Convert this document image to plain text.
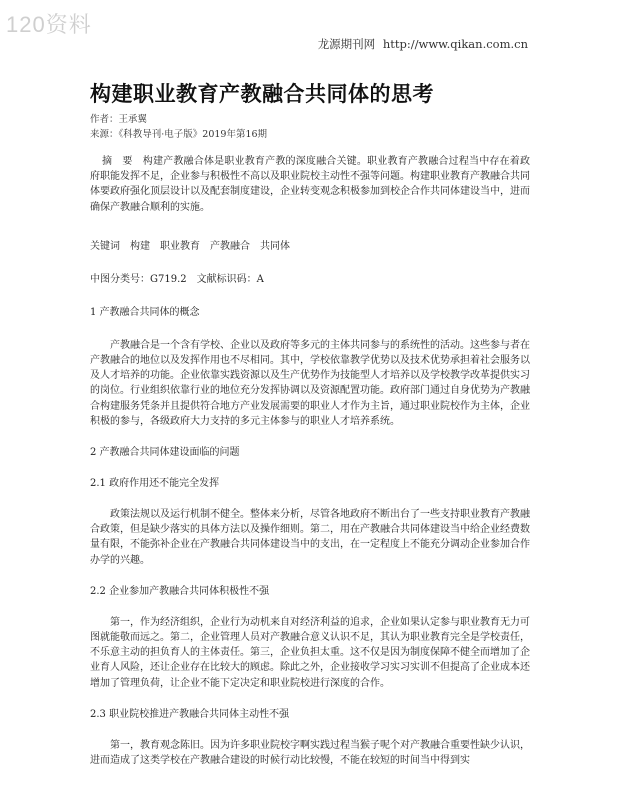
120资料
龙源期刊网 http://www.qikan.com.cn
构建职业教育产教融合共同体的思考
作者：王承翼
来源：《科教导刊·电子版》2019年第16期

摘　要　构建产教融合体是职业教育产教的深度融合关键。职业教育产教融合过程当中存在着政府职能发挥不足，企业参与积极性不高以及职业院校主动性不强等问题。构建职业教育产教融合共同体要政府强化顶层设计以及配套制度建设，企业转变观念积极参加到校企合作共同体建设当中，进而确保产教融合顺利的实施。

关键词　构建　职业教育　产教融合　共同体

中图分类号：G719.2　文献标识码：A

1 产教融合共同体的概念

产教融合是一个含有学校、企业以及政府等多元的主体共同参与的系统性的活动。这些参与者在产教融合的地位以及发挥作用也不尽相同。其中，学校依靠教学优势以及技术优势承担着社会服务以及人才培养的功能。企业依靠实践资源以及生产优势作为技能型人才培养以及学校教学改革提供实习的岗位。行业组织依靠行业的地位充分发挥协调以及资源配置功能。政府部门通过自身优势为产教融合构建服务凭条并且提供符合地方产业发展需要的职业人才作为主旨，通过职业院校作为主体，企业积极的参与，各级政府大力支持的多元主体参与的职业人才培养系统。

2 产教融合共同体建设面临的问题

2.1 政府作用还不能完全发挥

政策法规以及运行机制不健全。整体来分析，尽管各地政府不断出台了一些支持职业教育产教融合政策，但是缺少落实的具体方法以及操作细则。第二，用在产教融合共同体建设当中给企业经费数量有限，不能弥补企业在产教融合共同体建设当中的支出，在一定程度上不能充分调动企业参加合作办学的兴趣。

2.2 企业参加产教融合共同体积极性不强

第一，作为经济组织，企业行为动机来自对经济利益的追求，企业如果认定参与职业教育无力可图就能敬而远之。第二，企业管理人员对产教融合意义认识不足，其认为职业教育完全是学校责任，不乐意主动的担负育人的主体责任。第三，企业负担太重。这不仅是因为制度保障不健全而增加了企业育人风险，还让企业存在比较大的顾虑。除此之外，企业接收学习实习实训不但提高了企业成本还增加了管理负荷，让企业不能下定决定和职业院校进行深度的合作。

2.3 职业院校推进产教融合共同体主动性不强

第一，教育观念陈旧。因为许多职业院校字啊实践过程当猴子呢个对产教融合重要性缺少认识，进而造成了这类学校在产教融合建设的时候行动比较慢，不能在较短的时间当中得到实
